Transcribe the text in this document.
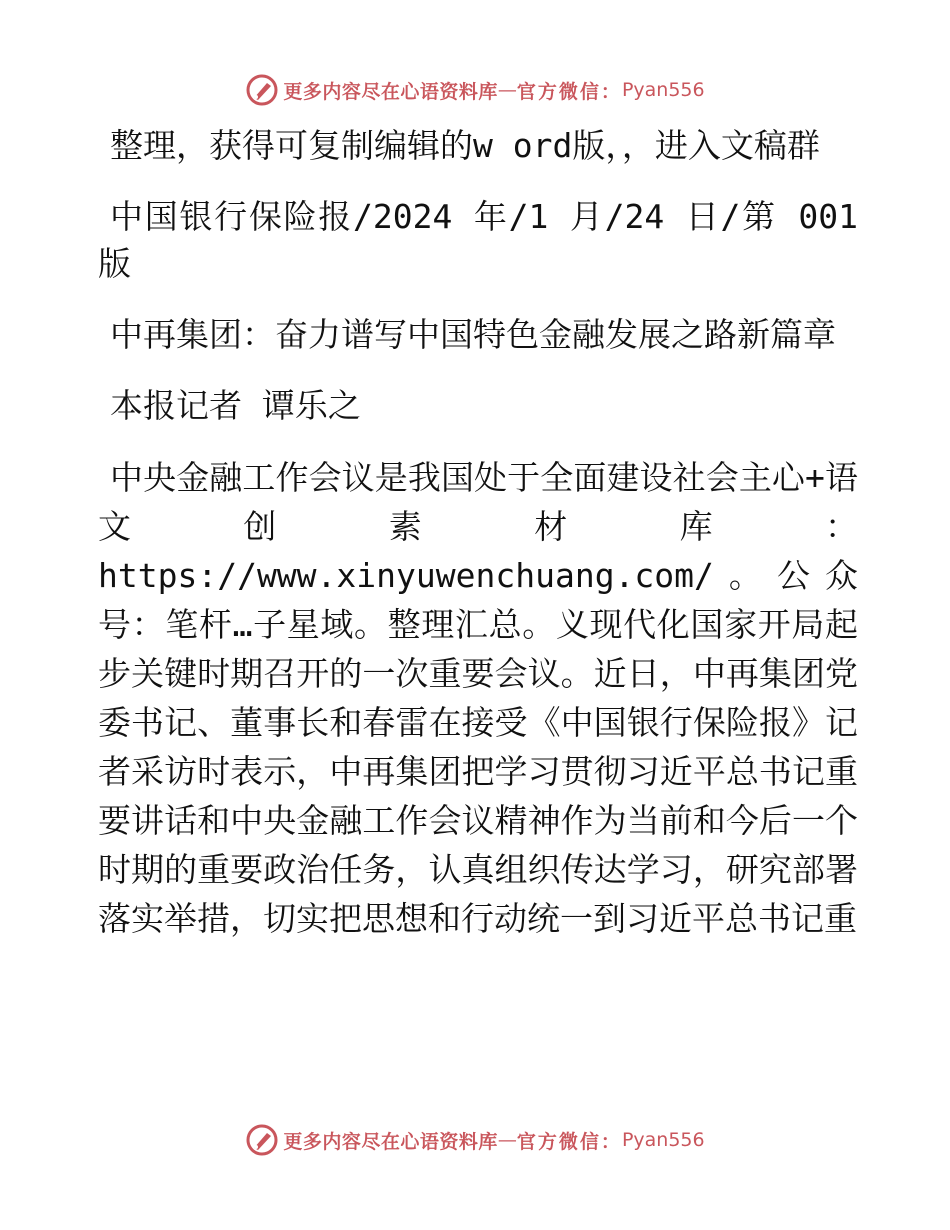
更多内容尽在心语资料库 — 官方微信： Pyan556

整理，获得可复制编辑的w ord版，，进入文稿群

中国银行保险报/2024 年/1 月/24 日/第 001 版

中再集团：奋力谱写中国特色金融发展之路新篇章

本报记者 谭乐之

中央金融工作会议是我国处于全面建设社会主心+语文创素材库：https://www.xinyuwenchuang.com/。公众号：笔杆…子星域。整理汇总。义现代化国家开局起步关键时期召开的一次重要会议。近日，中再集团党委书记、董事长和春雷在接受《中国银行保险报》记者采访时表示，中再集团把学习贯彻习近平总书记重要讲话和中央金融工作会议精神作为当前和今后一个时期的重要政治任务，认真组织传达学习，研究部署落实举措，切实把思想和行动统一到习近平总书记重

更多内容尽在心语资料库 — 官方微信： Pyan556
